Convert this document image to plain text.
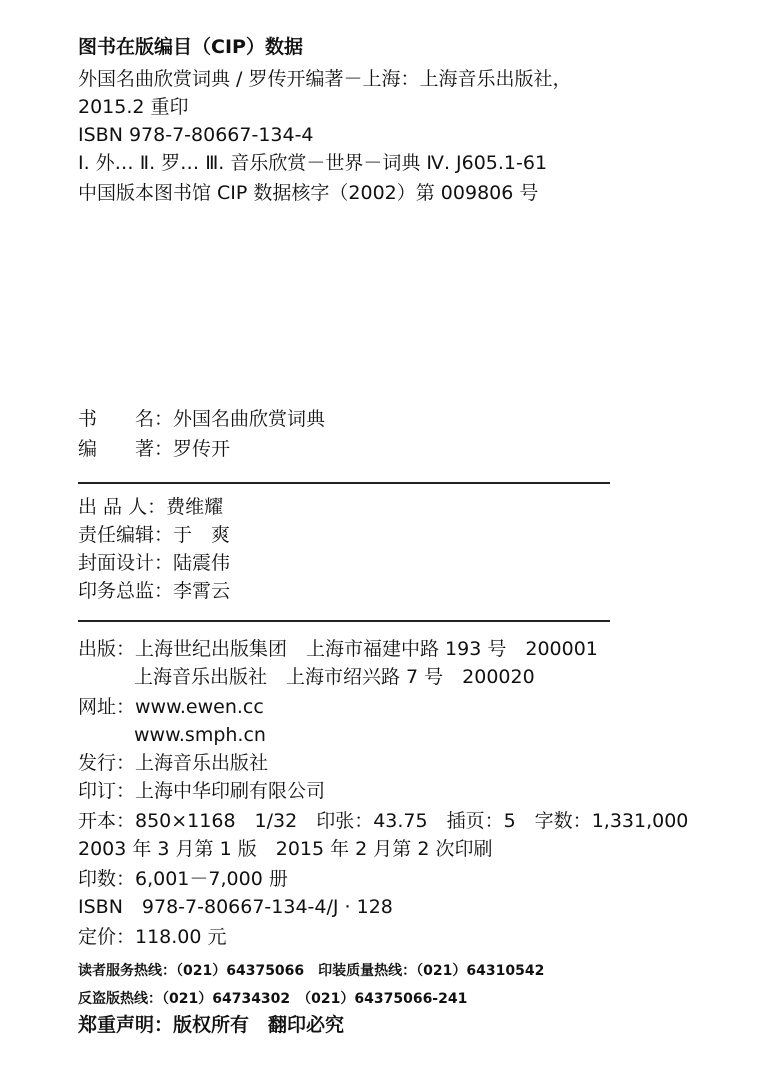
图书在版编目（CIP）数据
外国名曲欣赏词典 / 罗传开编著－上海：上海音乐出版社，
2015.2 重印
ISBN 978-7-80667-134-4
Ⅰ. 外… Ⅱ. 罗… Ⅲ. 音乐欣赏－世界－词典 Ⅳ. J605.1-61
中国版本图书馆 CIP 数据核字（2002）第 009806 号
书　　名：外国名曲欣赏词典
编　　著：罗传开
出 品 人：费维耀
责任编辑：于　爽
封面设计：陆震伟
印务总监：李霄云
出版：上海世纪出版集团　上海市福建中路 193 号　200001
上海音乐出版社　上海市绍兴路 7 号　200020
网址：www.ewen.cc
www.smph.cn
发行：上海音乐出版社
印订：上海中华印刷有限公司
开本：850×1168　1/32　印张：43.75　插页：5　字数：1,331,000
2003 年 3 月第 1 版　2015 年 2 月第 2 次印刷
印数：6,001－7,000 册
ISBN　978-7-80667-134-4/J · 128
定价：118.00 元
读者服务热线：（021）64375066　印装质量热线：（021）64310542
反盗版热线：（021）64734302　（021）64375066-241
郑重声明：版权所有　翻印必究
